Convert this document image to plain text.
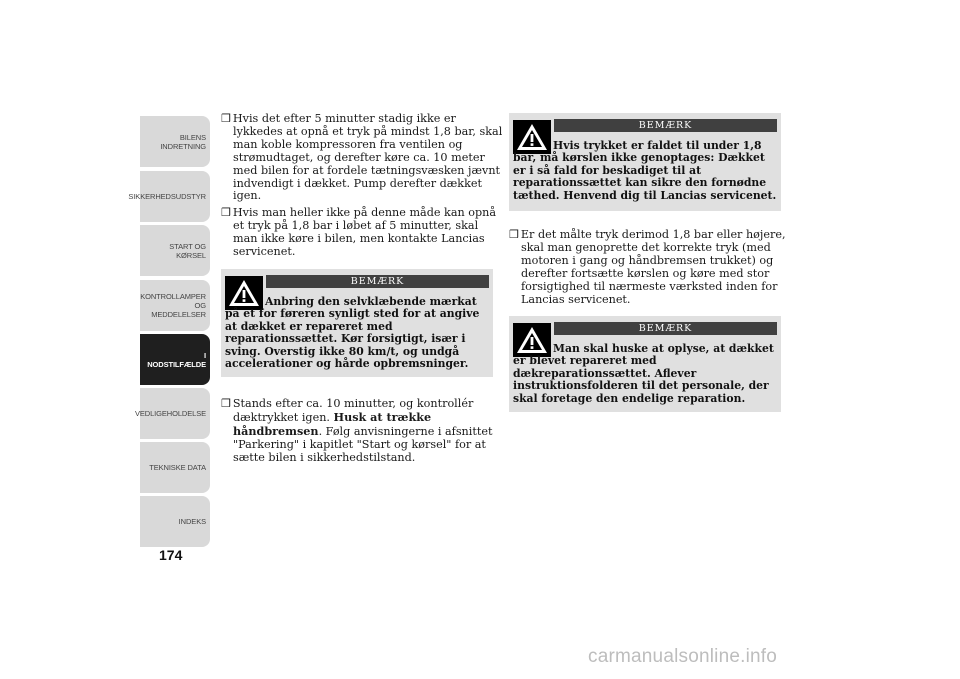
BILENS
INDRETNING
SIKKERHEDSUDSTYR
START OG KØRSEL
KONTROLLAMPER
OG MEDDELELSER
I NODSTILFÆLDE
VEDLIGEHOLDELSE
TEKNISKE DATA
INDEKS
174
❒ Hvis det efter 5 minutter stadig ikke er lykkedes at opnå et tryk på mindst 1,8 bar, skal man koble kompressoren fra ventilen og strømudtaget, og derefter køre ca. 10 meter med bilen for at fordele tætningsvæsken jævnt indvendigt i dækket. Pump derefter dækket igen.
❒ Hvis man heller ikke på denne måde kan opnå et tryk på 1,8 bar i løbet af 5 minutter, skal man ikke køre i bilen, men kontakte Lancias servicenet.
BEMÆRK
Anbring den selvklæbende mærkat på et for føreren synligt sted for at angive at dækket er repareret med reparationssættet. Kør forsigtigt, især i sving. Overstig ikke 80 km/t, og undgå accelerationer og hårde opbremsninger.
❒ Stands efter ca. 10 minutter, og kontrollér dæktrykket igen. Husk at trække håndbremsen. Følg anvisningerne i afsnittet "Parkering" i kapitlet "Start og kørsel" for at sætte bilen i sikkerhedstilstand.
BEMÆRK
Hvis trykket er faldet til under 1,8 bar, må kørslen ikke genoptages: Dækket er i så fald for beskadiget til at reparationssættet kan sikre den fornødne tæthed. Henvend dig til Lancias servicenet.
❒ Er det målte tryk derimod 1,8 bar eller højere, skal man genoprette det korrekte tryk (med motoren i gang og håndbremsen trukket) og derefter fortsætte kørslen og køre med stor forsigtighed til nærmeste værksted inden for Lancias servicenet.
BEMÆRK
Man skal huske at oplyse, at dækket er blevet repareret med dækreparationssættet. Aflever instruktionsfolderen til det personale, der skal foretage den endelige reparation.
carmanualsonline.info
